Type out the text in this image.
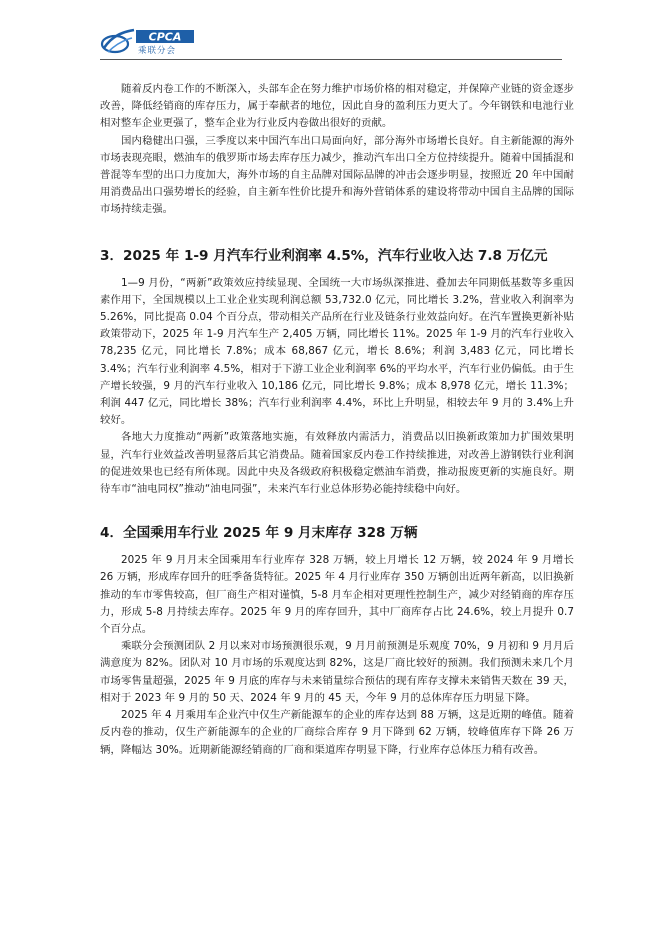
CPCA
乘联分会

随着反内卷工作的不断深入，头部车企在努力维护市场价格的相对稳定，并保障产业链的资金逐步改善，降低经销商的库存压力，属于奉献者的地位，因此自身的盈利压力更大了。今年钢铁和电池行业相对整车企业更强了，整车企业为行业反内卷做出很好的贡献。

国内稳健出口强，三季度以来中国汽车出口局面向好，部分海外市场增长良好。自主新能源的海外市场表现亮眼，燃油车的俄罗斯市场去库存压力减少，推动汽车出口全方位持续提升。随着中国插混和普混等车型的出口力度加大，海外市场的自主品牌对国际品牌的冲击会逐步明显，按照近 20 年中国耐用消费品出口强势增长的经验，自主新车性价比提升和海外营销体系的建设将带动中国自主品牌的国际市场持续走强。

3．2025 年 1-9 月汽车行业利润率 4.5%，汽车行业收入达 7.8 万亿元

1—9 月份，“两新”政策效应持续显现、全国统一大市场纵深推进、叠加去年同期低基数等多重因素作用下，全国规模以上工业企业实现利润总额 53,732.0 亿元，同比增长 3.2%，营业收入利润率为 5.26%，同比提高 0.04 个百分点，带动相关产品所在行业及链条行业效益向好。在汽车置换更新补贴政策带动下，2025 年 1-9 月汽车生产 2,405 万辆，同比增长 11%。2025 年 1-9 月的汽车行业收入 78,235 亿元，同比增长 7.8%；成本 68,867 亿元，增长 8.6%；利润 3,483 亿元，同比增长 3.4%；汽车行业利润率 4.5%，相对于下游工业企业利润率 6%的平均水平，汽车行业仍偏低。由于生产增长较强，9 月的汽车行业收入 10,186 亿元，同比增长 9.8%；成本 8,978 亿元，增长 11.3%；利润 447 亿元，同比增长 38%；汽车行业利润率 4.4%，环比上升明显，相较去年 9 月的 3.4%上升较好。

各地大力度推动“两新”政策落地实施，有效释放内需活力，消费品以旧换新政策加力扩围效果明显，汽车行业效益改善明显落后其它消费品。随着国家反内卷工作持续推进，对改善上游钢铁行业利润的促进效果也已经有所体现。因此中央及各级政府积极稳定燃油车消费，推动报废更新的实施良好。期待车市“油电同权”推动“油电同强”，未来汽车行业总体形势必能持续稳中向好。

4．全国乘用车行业 2025 年 9 月末库存 328 万辆

2025 年 9 月月末全国乘用车行业库存 328 万辆，较上月增长 12 万辆，较 2024 年 9 月增长 26 万辆，形成库存回升的旺季备货特征。2025 年 4 月行业库存 350 万辆创出近两年新高，以旧换新推动的车市零售较高，但厂商生产相对谨慎，5-8 月车企相对更理性控制生产，减少对经销商的库存压力，形成 5-8 月持续去库存。2025 年 9 月的库存回升，其中厂商库存占比 24.6%，较上月提升 0.7 个百分点。

乘联分会预测团队 2 月以来对市场预测很乐观，9 月月前预测是乐观度 70%，9 月初和 9 月月后满意度为 82%。团队对 10 月市场的乐观度达到 82%，这是厂商比较好的预测。我们预测未来几个月市场零售量超强，2025 年 9 月底的库存与未来销量综合预估的现有库存支撑未来销售天数在 39 天，相对于 2023 年 9 月的 50 天、2024 年 9 月的 45 天，今年 9 月的总体库存压力明显下降。

2025 年 4 月乘用车企业汽中仅生产新能源车的企业的库存达到 88 万辆，这是近期的峰值。随着反内卷的推动，仅生产新能源车的企业的厂商综合库存 9 月下降到 62 万辆，较峰值库存下降 26 万辆，降幅达 30%。近期新能源经销商的厂商和渠道库存明显下降，行业库存总体压力稍有改善。
